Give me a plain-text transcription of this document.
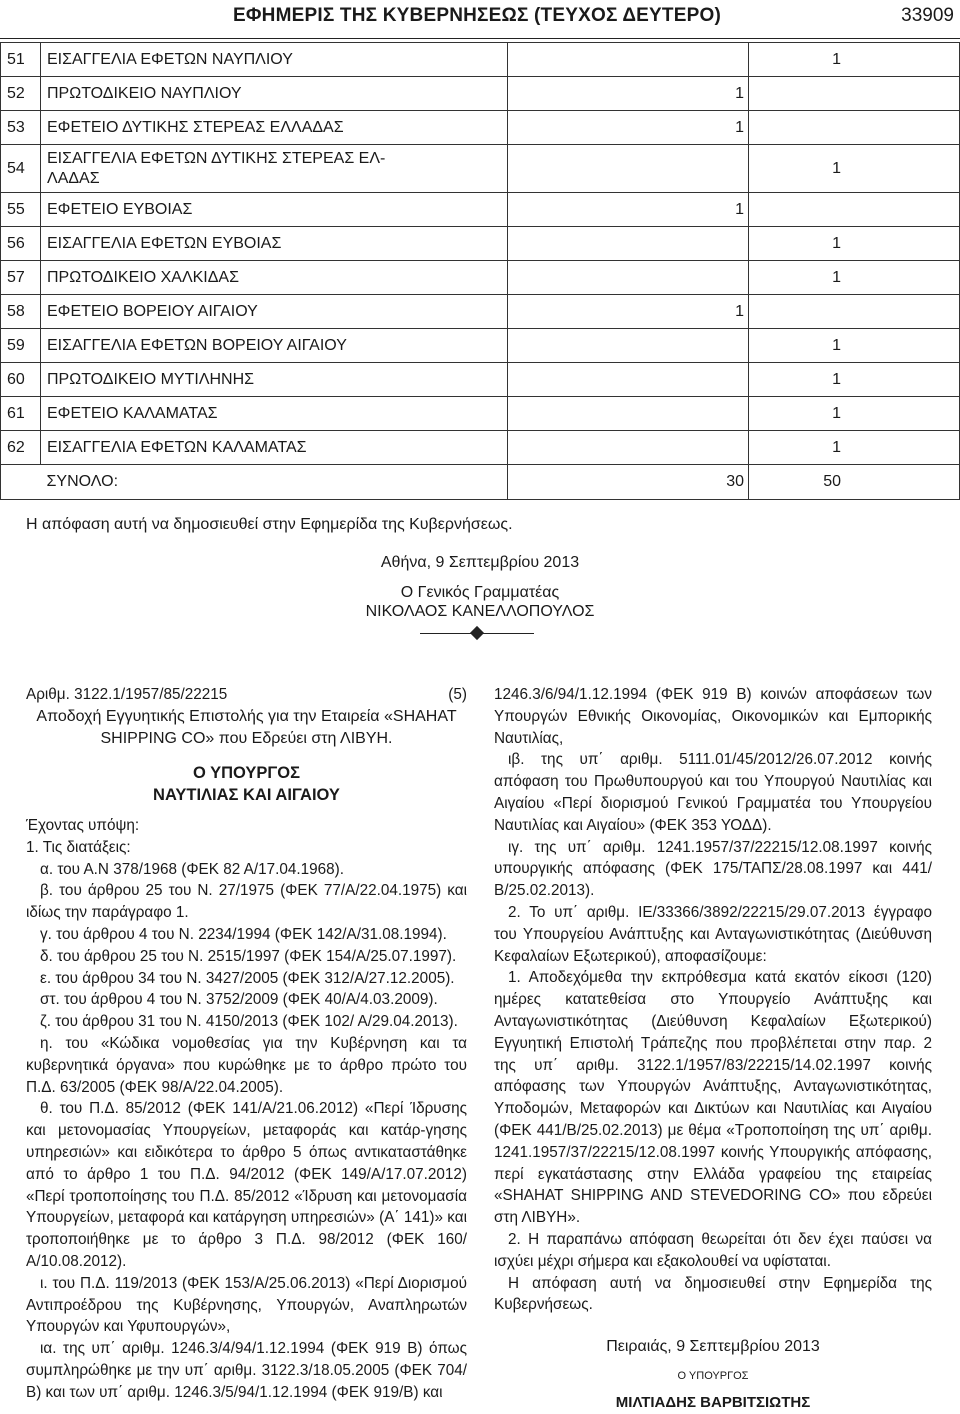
ΕΦΗΜΕΡΙΣ ΤΗΣ ΚΥΒΕΡΝΗΣΕΩΣ (ΤΕΥΧΟΣ ΔΕΥΤΕΡΟ)	33909
51	ΕΙΣΑΓΓΕΛΙΑ ΕΦΕΤΩΝ ΝΑΥΠΛΙΟΥ		1
52	ΠΡΩΤΟΔΙΚΕΙΟ ΝΑΥΠΛΙΟΥ	1	
53	ΕΦΕΤΕΙΟ ΔΥΤΙΚΗΣ ΣΤΕΡΕΑΣ ΕΛΛΑΔΑΣ	1	
54	ΕΙΣΑΓΓΕΛΙΑ ΕΦΕΤΩΝ ΔΥΤΙΚΗΣ ΣΤΕΡΕΑΣ ΕΛ-
ΛΑΔΑΣ		1
55	ΕΦΕΤΕΙΟ ΕΥΒΟΙΑΣ	1	
56	ΕΙΣΑΓΓΕΛΙΑ ΕΦΕΤΩΝ ΕΥΒΟΙΑΣ		1
57	ΠΡΩΤΟΔΙΚΕΙΟ ΧΑΛΚΙΔΑΣ		1
58	ΕΦΕΤΕΙΟ ΒΟΡΕΙΟΥ ΑΙΓΑΙΟΥ	1	
59	ΕΙΣΑΓΓΕΛΙΑ ΕΦΕΤΩΝ ΒΟΡΕΙΟΥ ΑΙΓΑΙΟΥ		1
60	ΠΡΩΤΟΔΙΚΕΙΟ ΜΥΤΙΛΗΝΗΣ		1
61	ΕΦΕΤΕΙΟ ΚΑΛΑΜΑΤΑΣ		1
62	ΕΙΣΑΓΓΕΛΙΑ ΕΦΕΤΩΝ ΚΑΛΑΜΑΤΑΣ		1
	ΣΥΝΟΛΟ:	30	50
Η απόφαση αυτή να δημοσιευθεί στην Εφημερίδα της Κυβερνήσεως.
Αθήνα, 9 Σεπτεμβρίου 2013
Ο Γενικός Γραμματέας
ΝΙΚΟΛΑΟΣ ΚΑΝΕΛΛΟΠΟΥΛΟΣ

Αριθμ. 3122.1/1957/85/22215	(5)

Αποδοχή Εγγυητικής Επιστολής για την Εταιρεία «SHAHAT SHIPPING CO» που Εδρεύει στη ΛΙΒΥΗ.

Ο ΥΠΟΥΡΓΟΣ

ΝΑΥΤΙΛΙΑΣ ΚΑΙ ΑΙΓΑΙΟΥ

Έχοντας υπόψη:

1. Τις διατάξεις:

α. του Α.Ν 378/1968 (ΦΕΚ 82 Α/17.04.1968).

β. του άρθρου 25 του Ν. 27/1975 (ΦΕΚ 77/Α/22.04.1975) και ιδίως την παράγραφο 1.

γ. του άρθρου 4 του Ν. 2234/1994 (ΦΕΚ 142/Α/31.08.1994).

δ. του άρθρου 25 του Ν. 2515/1997 (ΦΕΚ 154/Α/25.07.1997).

ε. του άρθρου 34 του Ν. 3427/2005 (ΦΕΚ 312/Α/27.12.2005).

στ. του άρθρου 4 του Ν. 3752/2009 (ΦΕΚ 40/Α/4.03.2009).

ζ. του άρθρου 31 του Ν. 4150/2013 (ΦΕΚ 102/ Α/29.04.2013).

η. του «Κώδικα νομοθεσίας για την Κυβέρνηση και τα κυβερνητικά όργανα» που κυρώθηκε με το άρθρο πρώτο του Π.Δ. 63/2005 (ΦΕΚ 98/Α/22.04.2005).

θ. του Π.Δ. 85/2012 (ΦΕΚ 141/Α/21.06.2012) «Περί Ίδρυσης και μετονομασίας Υπουργείων, μεταφοράς και κατάρ-γησης υπηρεσιών» και ειδικότερα το άρθρο 5 όπως αντικαταστάθηκε από το άρθρο 1 του Π.Δ. 94/2012 (ΦΕΚ 149/Α/17.07.2012) «Περί τροποποίησης του Π.Δ. 85/2012 «Ίδρυση και μετονομασία Υπουργείων, μεταφορά και κατάργηση υπηρεσιών» (Α΄ 141)» και τροποποιήθηκε με το άρθρο 3 Π.Δ. 98/2012 (ΦΕΚ 160/Α/10.08.2012).

ι. του Π.Δ. 119/2013 (ΦΕΚ 153/Α/25.06.2013) «Περί Διορισμού Αντιπροέδρου της Κυβέρνησης, Υπουργών, Αναπληρωτών Υπουργών και Υφυπουργών»,

ια. της υπ΄ αριθμ. 1246.3/4/94/1.12.1994 (ΦΕΚ 919 Β) όπως συμπληρώθηκε με την υπ΄ αριθμ. 3122.3/18.05.2005 (ΦΕΚ 704/Β) και των υπ΄ αριθμ. 1246.3/5/94/1.12.1994 (ΦΕΚ 919/Β) και

1246.3/6/94/1.12.1994 (ΦΕΚ 919 Β) κοινών αποφάσεων των Υπουργών Εθνικής Οικονομίας, Οικονομικών και Εμπορικής Ναυτιλίας,

ιβ. της υπ΄ αριθμ. 5111.01/45/2012/26.07.2012 κοινής απόφαση του Πρωθυπουργού και του Υπουργού Ναυτιλίας και Αιγαίου «Περί διορισμού Γενικού Γραμματέα του Υπουργείου Ναυτιλίας και Αιγαίου» (ΦΕΚ 353 ΥΟΔΔ).

ιγ. της υπ΄ αριθμ. 1241.1957/37/22215/12.08.1997 κοινής υπουργικής απόφασης (ΦΕΚ 175/ΤΑΠΣ/28.08.1997 και 441/Β/25.02.2013).

2. Το υπ΄ αριθμ. ΙΕ/33366/3892/22215/29.07.2013 έγγραφο του Υπουργείου Ανάπτυξης και Ανταγωνιστικότητας (Διεύθυνση Κεφαλαίων Εξωτερικού), αποφασίζουμε:

1. Αποδεχόμεθα την εκπρόθεσμα κατά εκατόν είκοσι (120) ημέρες κατατεθείσα στο Υπουργείο Ανάπτυξης και Ανταγωνιστικότητας (Διεύθυνση Κεφαλαίων Εξωτερικού) Εγγυητική Επιστολή Τράπεζης που προβλέπεται στην παρ. 2 της υπ΄ αριθμ. 3122.1/1957/83/22215/14.02.1997 κοινής απόφασης των Υπουργών Ανάπτυξης, Ανταγωνιστικότητας, Υποδομών, Μεταφορών και Δικτύων και Ναυτιλίας και Αιγαίου (ΦΕΚ 441/Β/25.02.2013) με θέμα «Τροποποίηση της υπ΄ αριθμ. 1241.1957/37/22215/12.08.1997 κοινής Υπουργικής απόφασης, περί εγκατάστασης στην Ελλάδα γραφείου της εταιρείας «SHAHAT SHIPPING AND STEVEDORING CO» που εδρεύει στη ΛΙΒΥΗ».

2. Η παραπάνω απόφαση θεωρείται ότι δεν έχει παύσει να ισχύει μέχρι σήμερα και εξακολουθεί να υφίσταται.

Η απόφαση αυτή να δημοσιευθεί στην Εφημερίδα της Κυβερνήσεως.

Πειραιάς, 9 Σεπτεμβρίου 2013

Ο ΥΠΟΥΡΓΟΣ

ΜΙΛΤΙΑΔΗΣ ΒΑΡΒΙΤΣΙΩΤΗΣ
